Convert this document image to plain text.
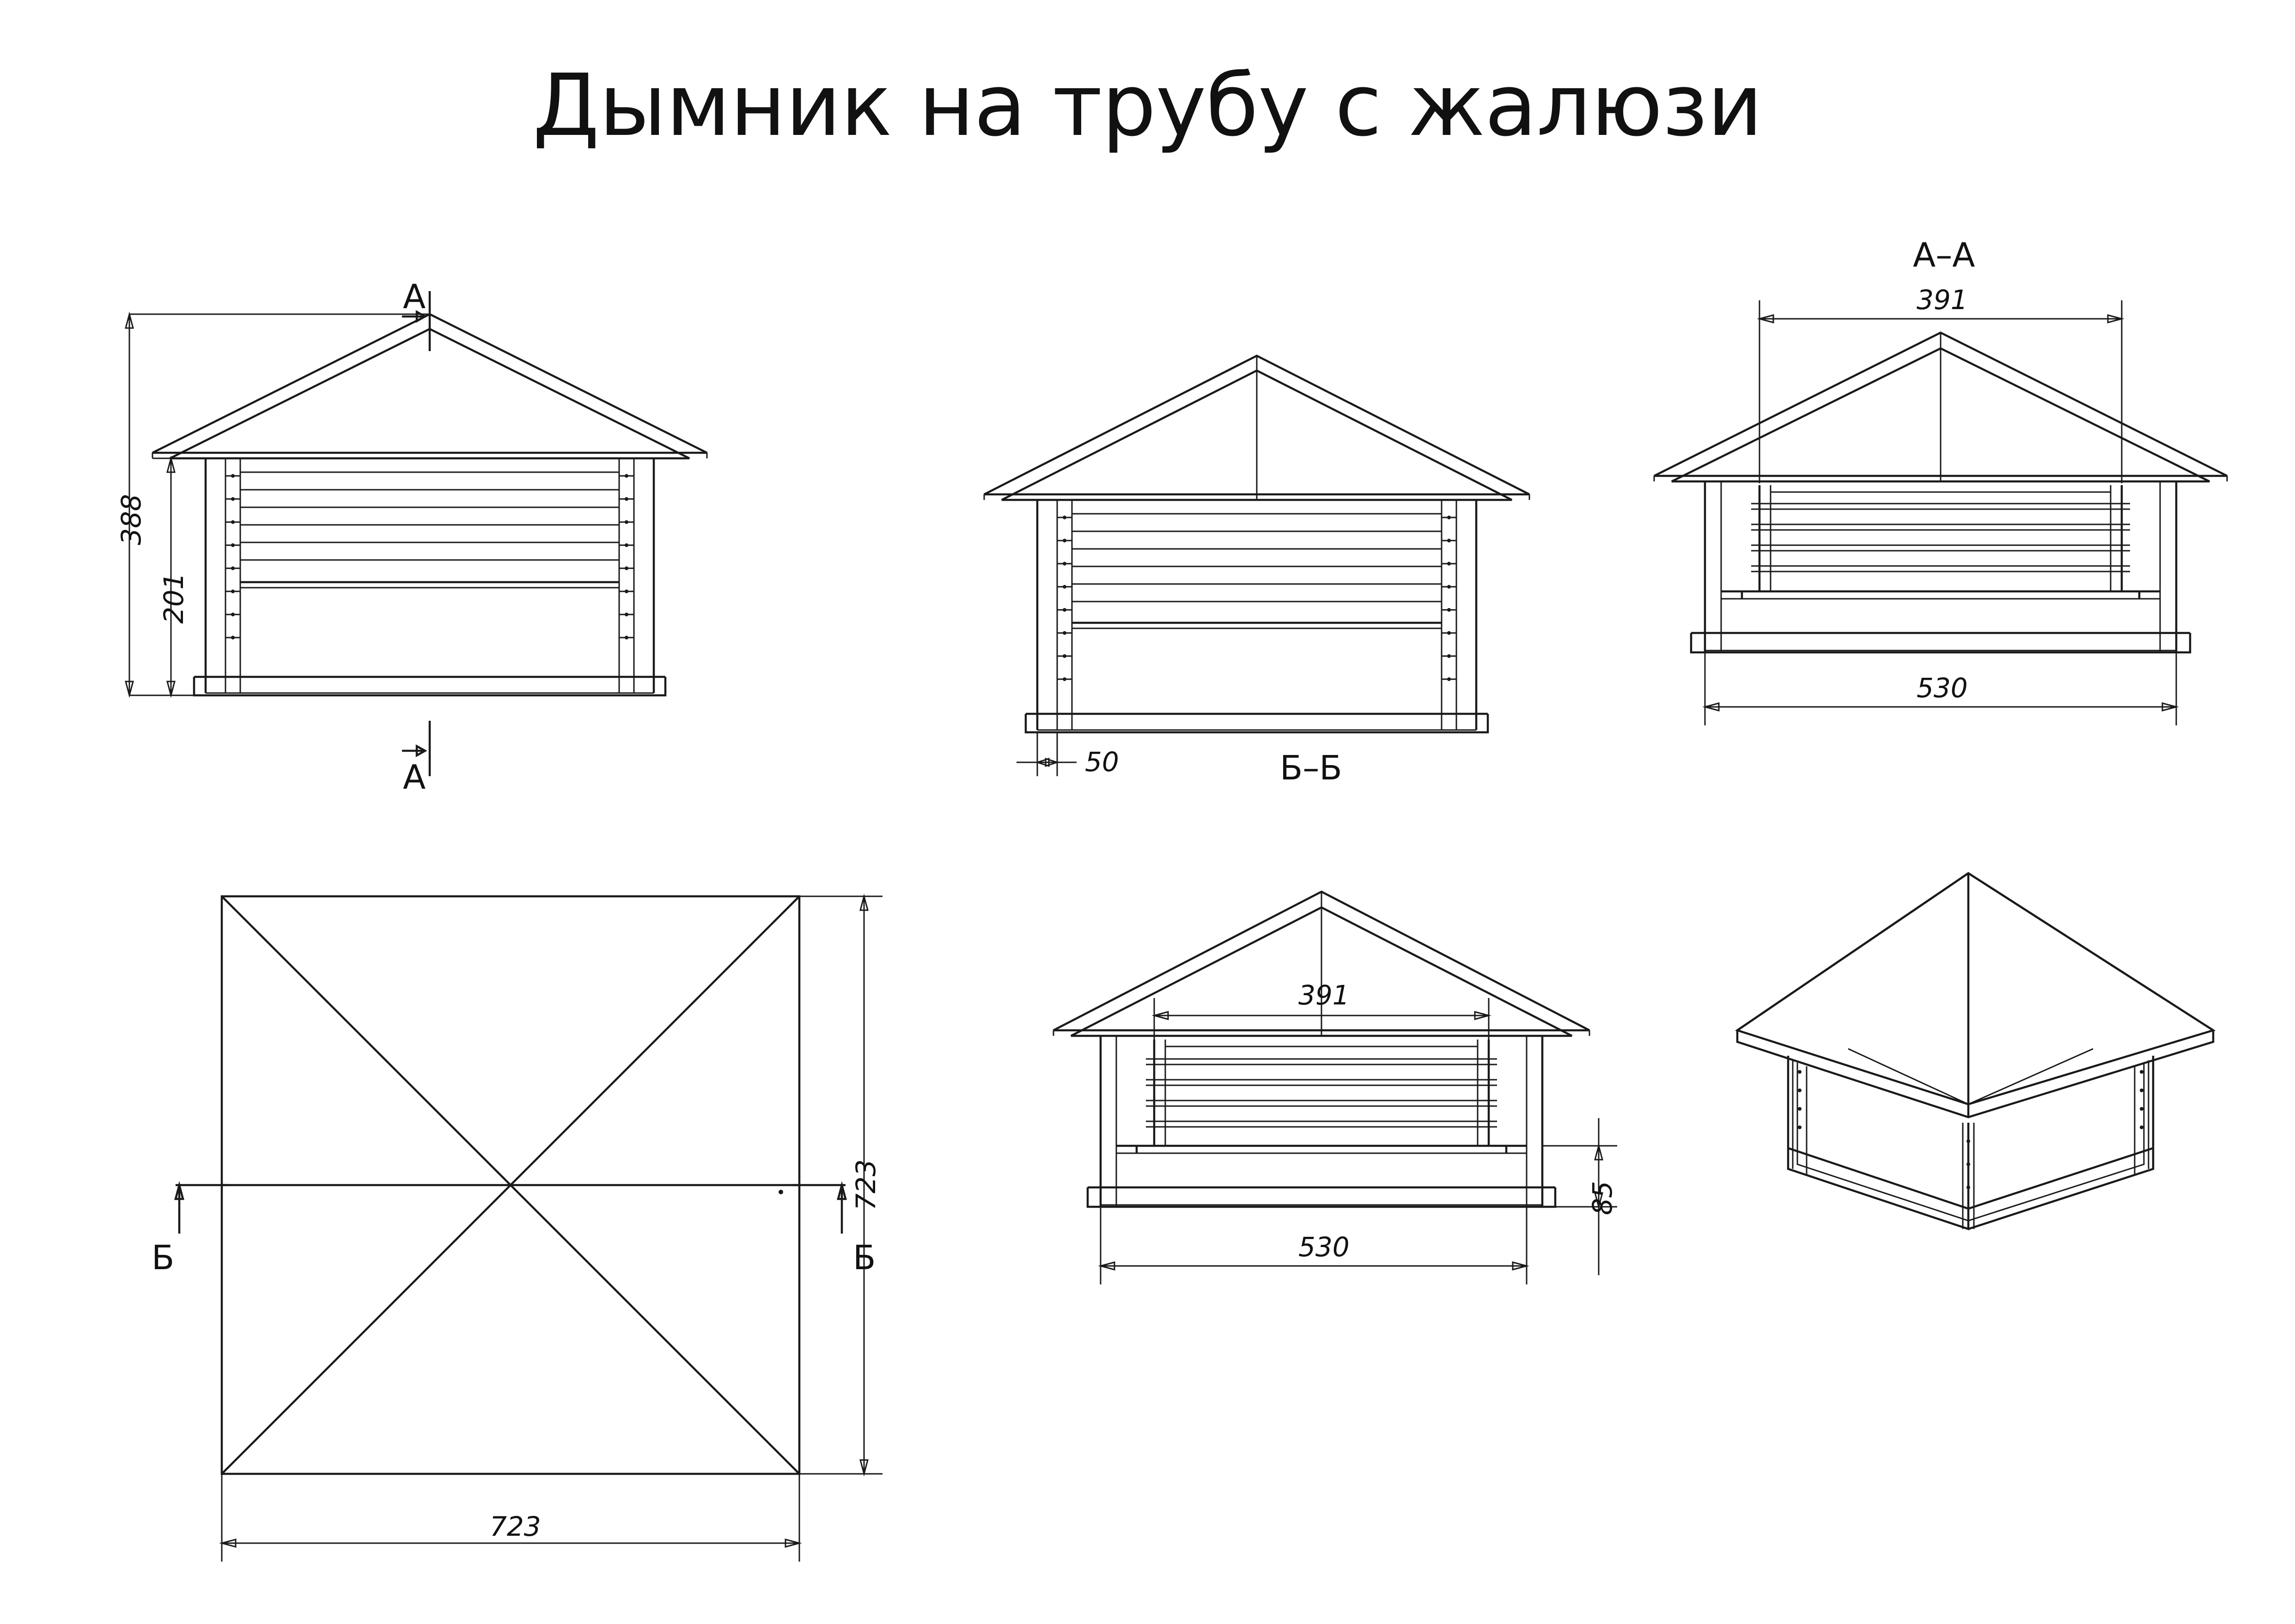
Дымник на трубу с жалюзи
А
А
388
201
50
А–А
391
530
Б	Б
723
723
Б–Б
391
530
85
